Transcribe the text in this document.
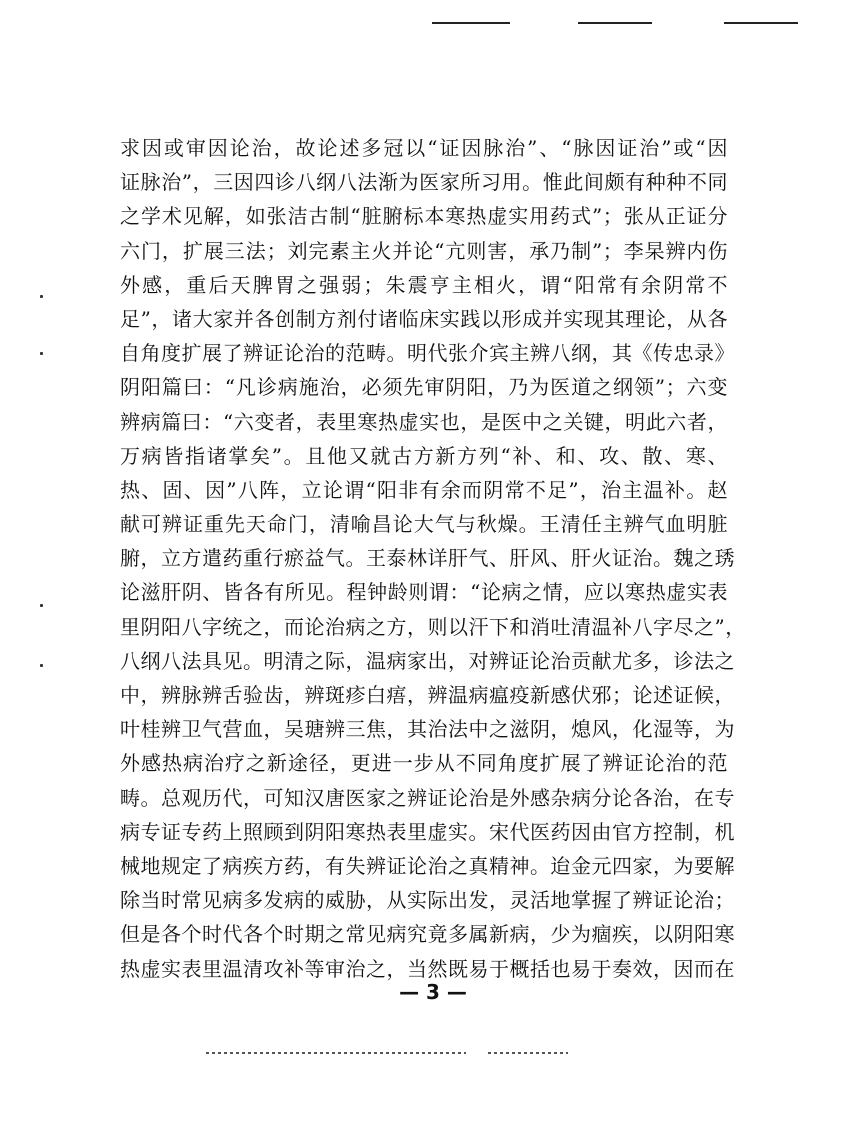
求因或审因论治，故论述多冠以“证因脉治”、“脉因证治”或“因
证脉治”，三因四诊八纲八法渐为医家所习用。惟此间颇有种种不同
之学术见解，如张洁古制“脏腑标本寒热虚实用药式”；张从正证分
六门，扩展三法；刘完素主火并论“亢则害，承乃制”；李杲辨内伤
外感，重后天脾胃之强弱；朱震亨主相火，谓“阳常有余阴常不
足”，诸大家并各创制方剂付诸临床实践以形成并实现其理论，从各
自角度扩展了辨证论治的范畴。明代张介宾主辨八纲，其《传忠录》
阴阳篇曰：“凡诊病施治，必须先审阴阳，乃为医道之纲领”；六变
辨病篇曰：“六变者，表里寒热虚实也，是医中之关键，明此六者，
万病皆指诸掌矣”。且他又就古方新方列“补、和、攻、散、寒、
热、固、因”八阵，立论谓“阳非有余而阴常不足”，治主温补。赵
献可辨证重先天命门，清喻昌论大气与秋燥。王清任主辨气血明脏
腑，立方遣药重行瘀益气。王泰林详肝气、肝风、肝火证治。魏之琇
论滋肝阴、皆各有所见。程钟龄则谓：“论病之情，应以寒热虚实表
里阴阳八字统之，而论治病之方，则以汗下和消吐清温补八字尽之”，
八纲八法具见。明清之际，温病家出，对辨证论治贡献尤多，诊法之
中，辨脉辨舌验齿，辨斑疹白痦，辨温病瘟疫新感伏邪；论述证候，
叶桂辨卫气营血，吴瑭辨三焦，其治法中之滋阴，熄风，化湿等，为
外感热病治疗之新途径，更进一步从不同角度扩展了辨证论治的范
畴。总观历代，可知汉唐医家之辨证论治是外感杂病分论各治，在专
病专证专药上照顾到阴阳寒热表里虚实。宋代医药因由官方控制，机
械地规定了病疾方药，有失辨证论治之真精神。迨金元四家，为要解
除当时常见病多发病的威胁，从实际出发，灵活地掌握了辨证论治；
但是各个时代各个时期之常见病究竟多属新病，少为痼疾，以阴阳寒
热虚实表里温清攻补等审治之，当然既易于概括也易于奏效，因而在
— 3 —
